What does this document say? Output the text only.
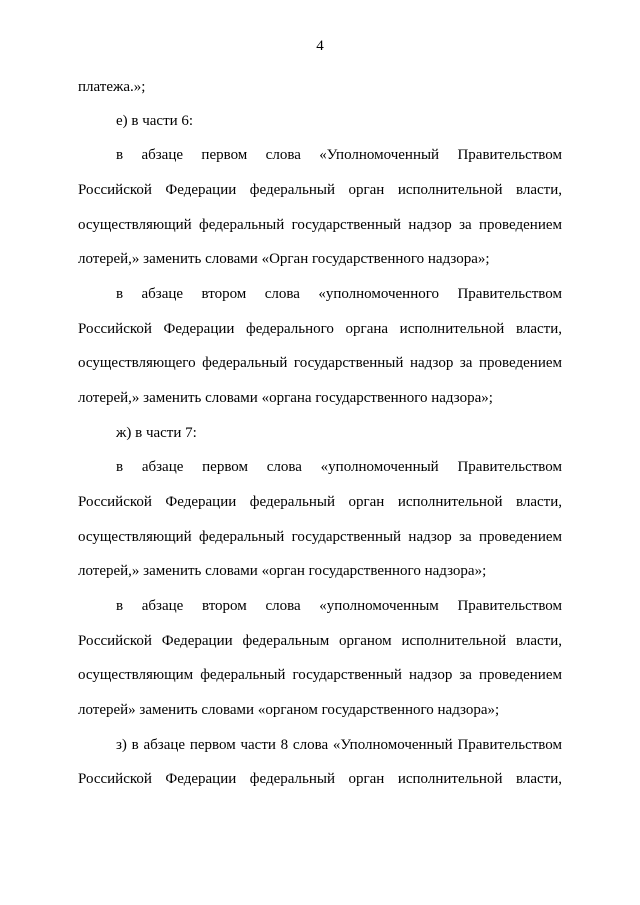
4
платежа.»;
е) в части 6:
в абзаце первом слова «Уполномоченный Правительством
Российской Федерации федеральный орган исполнительной власти,
осуществляющий федеральный государственный надзор за проведением
лотерей,» заменить словами «Орган государственного надзора»;
в абзаце втором слова «уполномоченного Правительством
Российской Федерации федерального органа исполнительной власти,
осуществляющего федеральный государственный надзор за проведением
лотерей,» заменить словами «органа государственного надзора»;
ж) в части 7:
в абзаце первом слова «уполномоченный Правительством
Российской Федерации федеральный орган исполнительной власти,
осуществляющий федеральный государственный надзор за проведением
лотерей,» заменить словами «орган государственного надзора»;
в абзаце втором слова «уполномоченным Правительством
Российской Федерации федеральным органом исполнительной власти,
осуществляющим федеральный государственный надзор за проведением
лотерей» заменить словами «органом государственного надзора»;
з) в абзаце первом части 8 слова «Уполномоченный Правительством
Российской Федерации федеральный орган исполнительной власти,
